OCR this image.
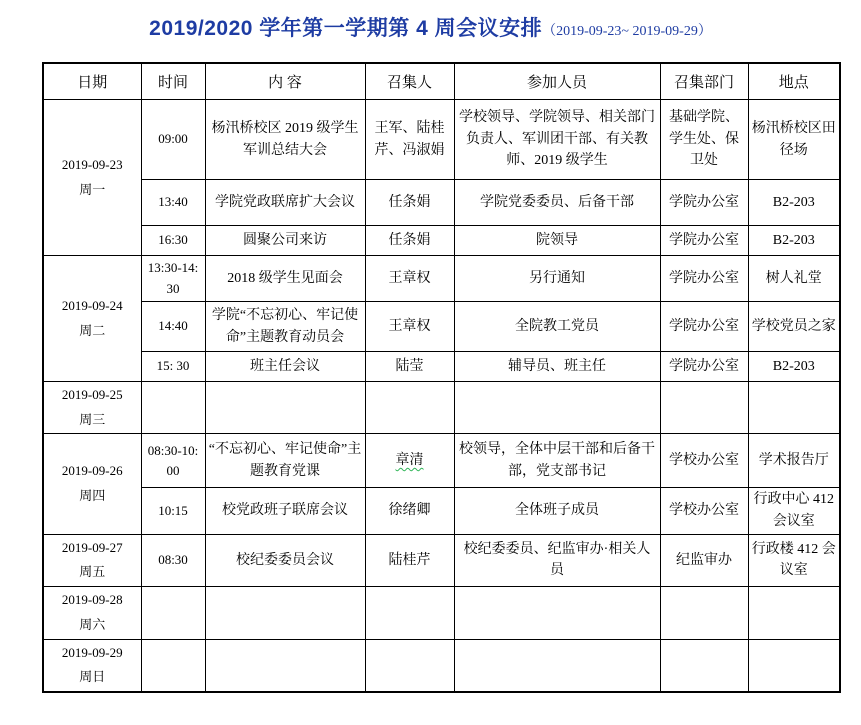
2019/2020 学年第一学期第 4 周会议安排（2019-09-23~ 2019-09-29）
日期	时间	内 容	召集人	参加人员	召集部门	地点

2019-09-23
周一	09:00	杨汛桥校区 2019 级学生军训总结大会	王军、陆桂芹、冯淑娟	学校领导、学院领导、相关部门负责人、军训团干部、有关教师、2019 级学生	基础学院、学生处、保卫处	杨汛桥校区田径场
	13:40	学院党政联席扩大会议	任条娟	学院党委委员、后备干部	学院办公室	B2-203
	16:30	圆聚公司来访	任条娟	院领导	学院办公室	B2-203

2019-09-24
周二	13:30-14:30	2018 级学生见面会	王章权	另行通知	学院办公室	树人礼堂
	14:40	学院“不忘初心、牢记使命”主题教育动员会	王章权	全院教工党员	学院办公室	学校党员之家
	15: 30	班主任会议	陆莹	辅导员、班主任	学院办公室	B2-203

2019-09-25
周三						

2019-09-26
周四	08:30-10:00	“不忘初心、牢记使命”主题教育党课	章清	校领导，全体中层干部和后备干部，党支部书记	学校办公室	学术报告厅
	10:15	校党政班子联席会议	徐绪卿	全体班子成员	学校办公室	行政中心 412 会议室

2019-09-27
周五	08:30	校纪委委员会议	陆桂芹	校纪委委员、纪监审办·相关人员	纪监审办	行政楼 412 会议室

2019-09-28
周六						

2019-09-29
周日						
